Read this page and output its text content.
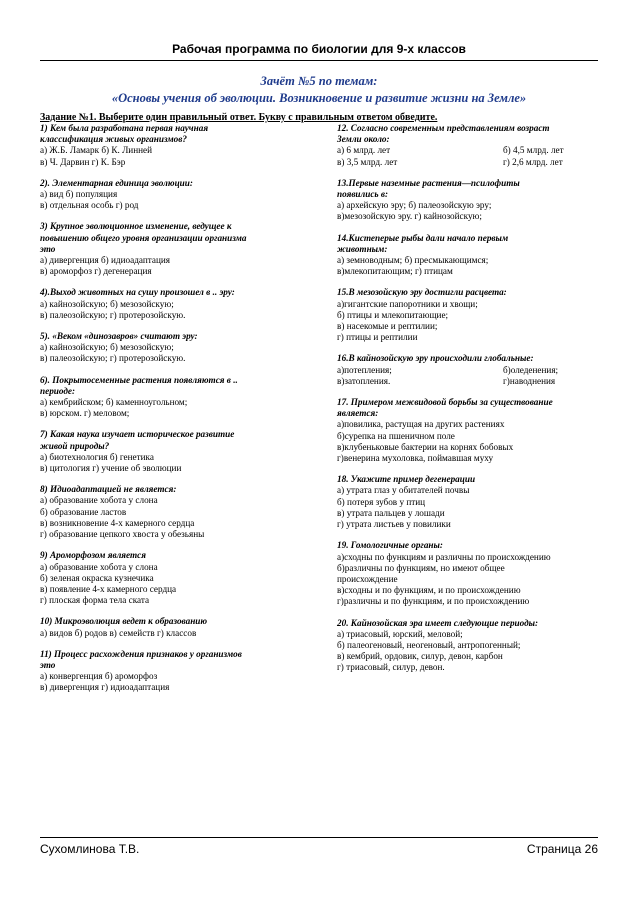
Рабочая программа по биологии для 9-х классов
Зачёт №5 по темам:
«Основы учения об эволюции. Возникновение и развитие жизни на Земле»
Задание №1. Выберите один правильный ответ. Букву с правильным ответом обведите.
1) Кем была разработана первая научная
классификация живых организмов?
а) Ж.Б. Ламарк б) К. Линней
в) Ч. Дарвин г) К. Бэр
2). Элементарная единица эволюции:
а) вид б) популяция
в) отдельная особь г) род
3) Крупное эволюционное изменение, ведущее к
повышению общего уровня организации организма
это
а) дивергенция б) идиоадаптация
в) ароморфоз г) дегенерация
4).Выход животных на сушу произошел в .. эру:
а) кайнозойскую; б) мезозойскую;
в) палеозойскую; г) протерозойскую.
5). «Веком «динозавров» считают эру:
а) кайнозойскую; б) мезозойскую;
в) палеозойскую; г) протерозойскую.
6). Покрытосеменные растения появляются в ..
периоде:
а) кембрийском; б) каменноугольном;
в) юрском. г) меловом;
7) Какая наука изучает историческое развитие
живой природы?
а) биотехнология б) генетика
в) цитология г) учение об эволюции
8) Идиоадаптацией не является:
а) образование хобота у слона
б) образование ластов
в) возникновение 4-х камерного сердца
г) образование цепкого хвоста у обезьяны
9) Ароморфозом является
а) образование хобота у слона
б) зеленая окраска кузнечика
в) появление 4-х камерного сердца
г) плоская форма тела ската
10) Микроэволюция ведет к образованию
а) видов б) родов в) семейств г) классов
11) Процесс расхождения признаков у организмов
это
а) конвергенция б) ароморфоз
в) дивергенция г) идиоадаптация
12. Согласно современным представлениям возраст
Земли около:
а) 6 млрд. лет	б) 4,5 млрд. лет
в) 3,5 млрд. лет	г) 2,6 млрд. лет
13.Первые наземные растения—псилофиты
появились в:
а) архейскую эру; б) палеозойскую эру;
в)мезозойскую эру. г) кайнозойскую;
14.Кистеперые рыбы дали начало первым
животным:
а) земноводным; б) пресмыкающимся;
в)млекопитающим; г) птицам
15.В мезозойскую эру достигли расцвета:
а)гигантские папоротники и хвощи;
б) птицы и млекопитающие;
в) насекомые и рептилии;
г) птицы и рептилии
16.В кайнозойскую эру происходили глобальные:
а)потепления;	б)оледенения;
в)затопления.	г)наводнения
17. Примером межвидовой борьбы за существование
является:
а)повилика, растущая на других растениях
б)сурепка на пшеничном поле
в)клубеньковые бактерии на корнях бобовых
г)венерина мухоловка, поймавшая муху
18. Укажите пример дегенерации
а) утрата глаз у обитателей почвы
б) потеря зубов у птиц
в) утрата пальцев у лошади
г) утрата листьев у повилики
19. Гомологичные органы:
а)сходны по функциям и различны по происхождению
б)различны по функциям, но имеют общее
происхождение
в)сходны и по функциям, и по происхождению
г)различны и по функциям, и по происхождению
20. Кайнозойская эра имеет следующие периоды:
а) триасовый, юрский, меловой;
б) палеогеновый, неогеновый, антропогенный;
в) кембрий, ордовик, силур, девон, карбон
г) триасовый, силур, девон.
Сухомлинова Т.В.	Страница 26
